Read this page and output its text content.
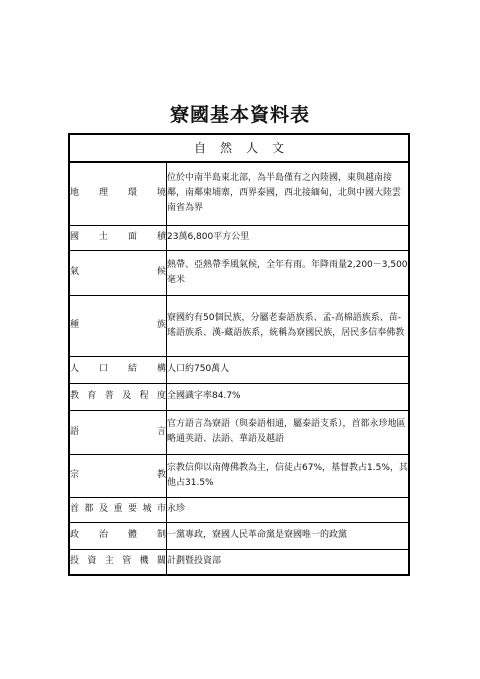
寮國基本資料表
自然人文	
地理環境	位於中南半島東北部，為半島僅有之內陸國，東與越南接鄰，南鄰柬埔寨，西界泰國，西北接緬甸，北與中國大陸雲南省為界
國土面積	23萬6,800平方公里
氣候	熱帶、亞熱帶季風氣候，全年有雨。年降雨量2,200－3,500毫米
種族	寮國約有50個民族，分屬老泰語族系、孟-高棉語族系、苗-瑤語族系、漢-藏語族系，統稱為寮國民族，居民多信奉佛教
人口結構	人口約750萬人
教育普及程度	全國識字率84.7%
語言	官方語言為寮語（與泰語相通，屬泰語支系），首都永珍地區略通英語、法語、華語及越語
宗教	宗教信仰以南傳佛教為主，信徒占67%，基督教占1.5%，其他占31.5%
首都及重要城市	永珍
政治體制	一黨專政，寮國人民革命黨是寮國唯一的政黨
投資主管機關	計劃暨投資部
